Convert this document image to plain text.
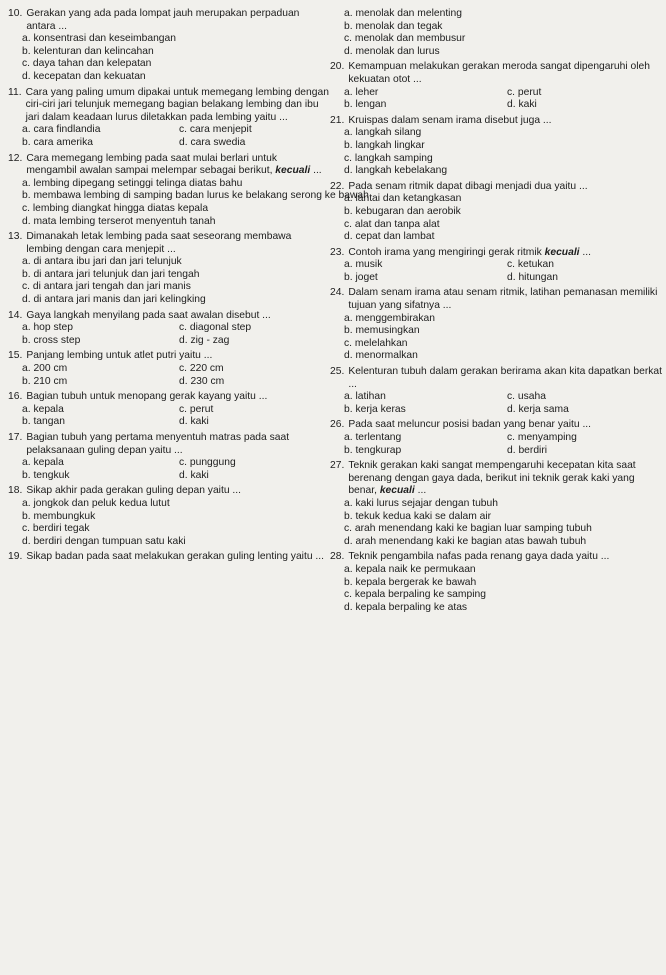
10. Gerakan yang ada pada lompat jauh merupakan perpaduan antara ...
a. konsentrasi dan keseimbangan
b. kelenturan dan kelincahan
c. daya tahan dan kelepatan
d. kecepatan dan kekuatan
11. Cara yang paling umum dipakai untuk memegang lembing dengan ciri-ciri jari telunjuk memegang bagian belakang lembing dan ibu jari dalam keadaan lurus diletakkan pada lembing yaitu ...
a. cara findlandia	c. cara menjepit
b. cara amerika	d. cara swedia
12. Cara memegang lembing pada saat mulai berlari untuk mengambil awalan sampai melempar sebagai berikut, kecuali ...
a. lembing dipegang setinggi telinga diatas bahu
b. membawa lembing di samping badan lurus ke belakang serong ke bawah
c. lembing diangkat hingga diatas kepala
d. mata lembing terserot menyentuh tanah
13. Dimanakah letak lembing pada saat seseorang membawa lembing dengan cara menjepit ...
a. di antara ibu jari dan jari telunjuk
b. di antara jari telunjuk dan jari tengah
c. di antara jari tengah dan jari manis
d. di antara jari manis dan jari kelingking
14. Gaya langkah menyilang pada saat awalan disebut ...
a. hop step	c. diagonal step
b. cross step	d. zig - zag
15. Panjang lembing untuk atlet putri yaitu ...
a. 200 cm	c. 220 cm
b. 210 cm	d. 230 cm
16. Bagian tubuh untuk menopang gerak kayang yaitu ...
a. kepala	c. perut
b. tangan	d. kaki
17. Bagian tubuh yang pertama menyentuh matras pada saat pelaksanaan guling depan yaitu ...
a. kepala	c. punggung
b. tengkuk	d. kaki
18. Sikap akhir pada gerakan guling depan yaitu ...
a. jongkok dan peluk kedua lutut
b. membungkuk
c. berdiri tegak
d. berdiri dengan tumpuan satu kaki
19. Sikap badan pada saat melakukan gerakan guling lenting yaitu ...
a. menolak dan melenting
b. menolak dan tegak
c. menolak dan membusur
d. menolak dan lurus
20. Kemampuan melakukan gerakan meroda sangat dipengaruhi oleh kekuatan otot ...
a. leher	c. perut
b. lengan	d. kaki
21. Kruispas dalam senam irama disebut juga ...
a. langkah silang
b. langkah lingkar
c. langkah samping
d. langkah kebelakang
22. Pada senam ritmik dapat dibagi menjadi dua yaitu ...
a. lantai dan ketangkasan
b. kebugaran dan aerobik
c. alat dan tanpa alat
d. cepat dan lambat
23. Contoh irama yang mengiringi gerak ritmik kecuali ...
a. musik	c. ketukan
b. joget	d. hitungan
24. Dalam senam irama atau senam ritmik, latihan pemanasan memiliki tujuan yang sifatnya ...
a. menggembirakan
b. memusingkan
c. melelahkan
d. menormalkan
25. Kelenturan tubuh dalam gerakan berirama akan kita dapatkan berkat ...
a. latihan	c. usaha
b. kerja keras	d. kerja sama
26. Pada saat meluncur posisi badan yang benar yaitu ...
a. terlentang	c. menyamping
b. tengkurap	d. berdiri
27. Teknik gerakan kaki sangat mempengaruhi kecepatan kita saat berenang dengan gaya dada, berikut ini teknik gerak kaki yang benar, kecuali ...
a. kaki lurus sejajar dengan tubuh
b. tekuk kedua kaki se dalam air
c. arah menendang kaki ke bagian luar samping tubuh
d. arah menendang kaki ke bagian atas bawah tubuh
28. Teknik pengambila nafas pada renang gaya dada yaitu ...
a. kepala naik ke permukaan
b. kepala bergerak ke bawah
c. kepala berpaling ke samping
d. kepala berpaling ke atas
